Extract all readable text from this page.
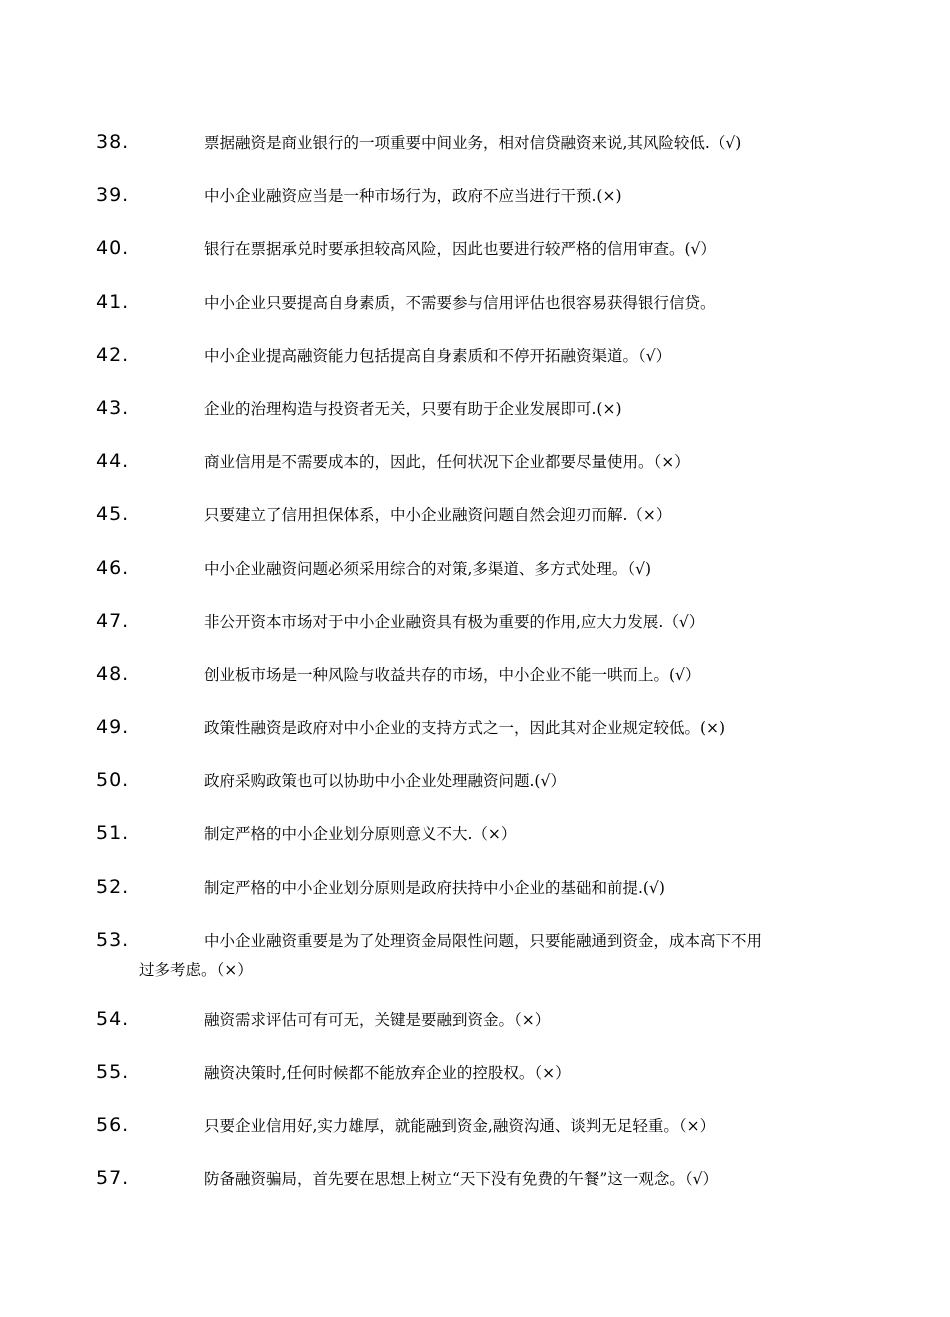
38.	票据融资是商业银行的一项重要中间业务，相对信贷融资来说,其风险较低.（√)
39.	中小企业融资应当是一种市场行为，政府不应当进行干预.(×)
40.	银行在票据承兑时要承担较高风险，因此也要进行较严格的信用审查。(√）
41.	中小企业只要提高自身素质，不需要参与信用评估也很容易获得银行信贷。
42.	中小企业提高融资能力包括提高自身素质和不停开拓融资渠道。（√）
43.	企业的治理构造与投资者无关，只要有助于企业发展即可.(×)
44.	商业信用是不需要成本的，因此，任何状况下企业都要尽量使用。（×）
45.	只要建立了信用担保体系，中小企业融资问题自然会迎刃而解.（×）
46.	中小企业融资问题必须采用综合的对策,多渠道、多方式处理。（√)
47.	非公开资本市场对于中小企业融资具有极为重要的作用,应大力发展.（√）
48.	创业板市场是一种风险与收益共存的市场，中小企业不能一哄而上。(√）
49.	政策性融资是政府对中小企业的支持方式之一，因此其对企业规定较低。(×)
50.	政府采购政策也可以协助中小企业处理融资问题.(√）
51.	制定严格的中小企业划分原则意义不大.（×）
52.	制定严格的中小企业划分原则是政府扶持中小企业的基础和前提.(√)
53.	中小企业融资重要是为了处理资金局限性问题，只要能融通到资金，成本高下不用
过多考虑。（×）
54.	融资需求评估可有可无，关键是要融到资金。（×）
55.	融资决策时,任何时候都不能放弃企业的控股权。（×）
56.	只要企业信用好,实力雄厚，就能融到资金,融资沟通、谈判无足轻重。（×）
57.	防备融资骗局，首先要在思想上树立“天下没有免费的午餐”这一观念。（√）
